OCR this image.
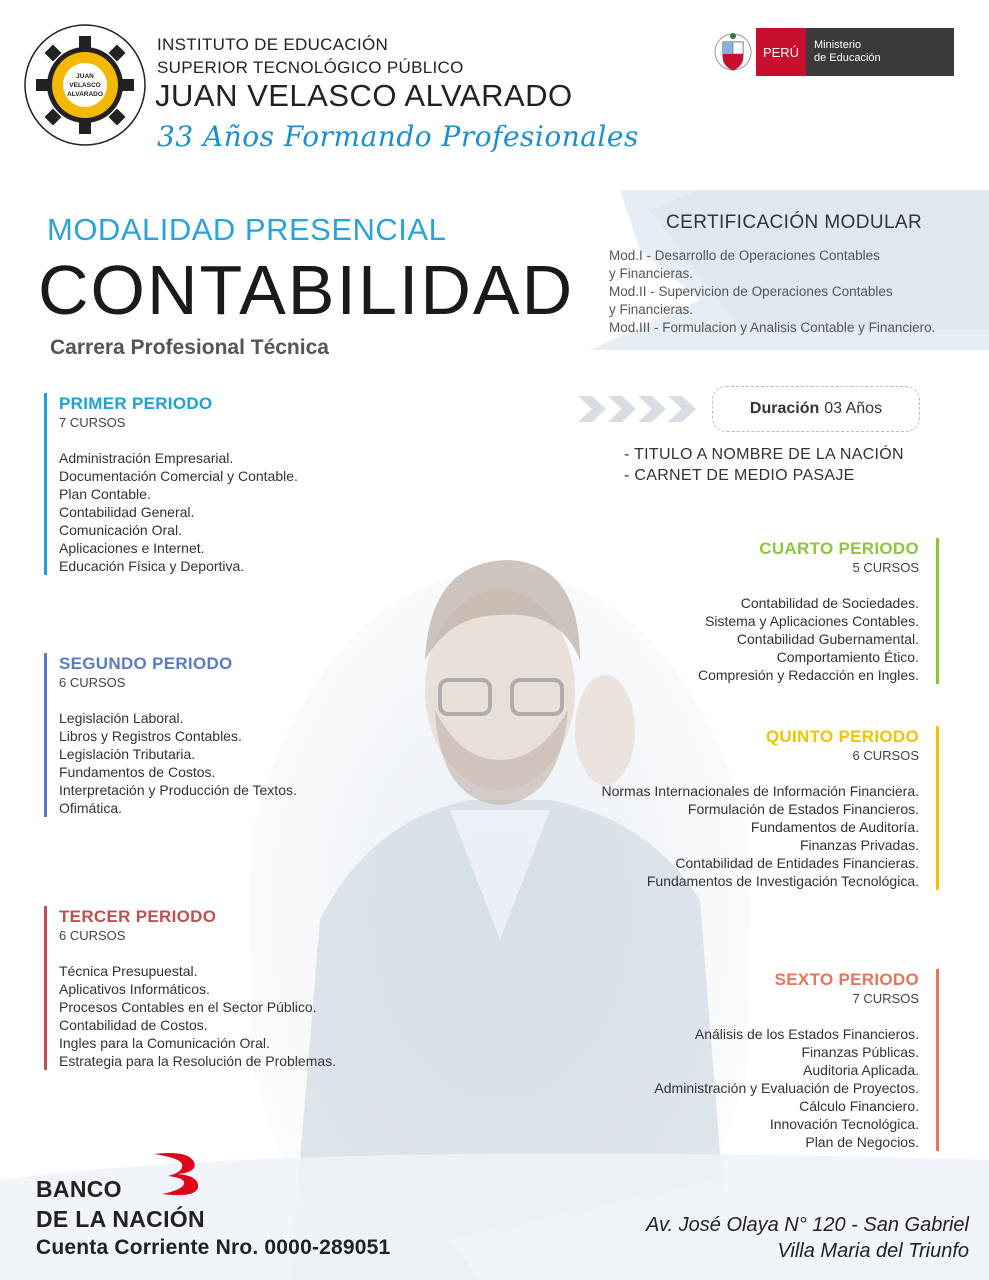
JUAN
VELASCO
ALVARADO
INSTITUTO DE EDUCACIÓN
SUPERIOR TECNOLÓGICO PÚBLICO
JUAN VELASCO ALVARADO
33 Años Formando Profesionales
PERÚ	Ministerio
de Educación
MODALIDAD PRESENCIAL
CONTABILIDAD
Carrera Profesional Técnica
CERTIFICACIÓN MODULAR
Mod.I - Desarrollo de Operaciones Contables
y Financieras.
Mod.II - Supervicion de Operaciones Contables
y Financieras.
Mod.III - Formulacion y Analisis Contable y Financiero.
Duración 03 Años
- TITULO A NOMBRE DE LA NACIÓN
- CARNET DE MEDIO PASAJE
PRIMER PERIODO
7 CURSOS
Administración Empresarial.
Documentación Comercial y Contable.
Plan Contable.
Contabilidad General.
Comunicación Oral.
Aplicaciones e Internet.
Educación Física y Deportiva.
SEGUNDO PERIODO
6 CURSOS
Legislación Laboral.
Libros y Registros Contables.
Legislación Tributaria.
Fundamentos de Costos.
Interpretación y Producción de Textos.
Ofimática.
TERCER PERIODO
6 CURSOS
Técnica Presupuestal.
Aplicativos Informáticos.
Procesos Contables en el Sector Público.
Contabilidad de Costos.
Ingles para la Comunicación Oral.
Estrategia para la Resolución de Problemas.
CUARTO PERIODO
5 CURSOS
Contabilidad de Sociedades.
Sistema y Aplicaciones Contables.
Contabilidad Gubernamental.
Comportamiento Ético.
Compresión y Redacción en Ingles.
QUINTO PERIODO
6 CURSOS
Normas Internacionales de Información Financiera.
Formulación de Estados Financieros.
Fundamentos de Auditoría.
Finanzas Privadas.
Contabilidad de Entidades Financieras.
Fundamentos de Investigación Tecnológica.
SEXTO PERIODO
7 CURSOS
Análisis de los Estados Financieros.
Finanzas Públicas.
Auditoria Aplicada.
Administración y Evaluación de Proyectos.
Cálculo Financiero.
Innovación Tecnológica.
Plan de Negocios.
BANCO
DE LA NACIÓN
Cuenta Corriente Nro. 0000-289051
Av. José Olaya N° 120 - San Gabriel
Villa Maria del Triunfo
